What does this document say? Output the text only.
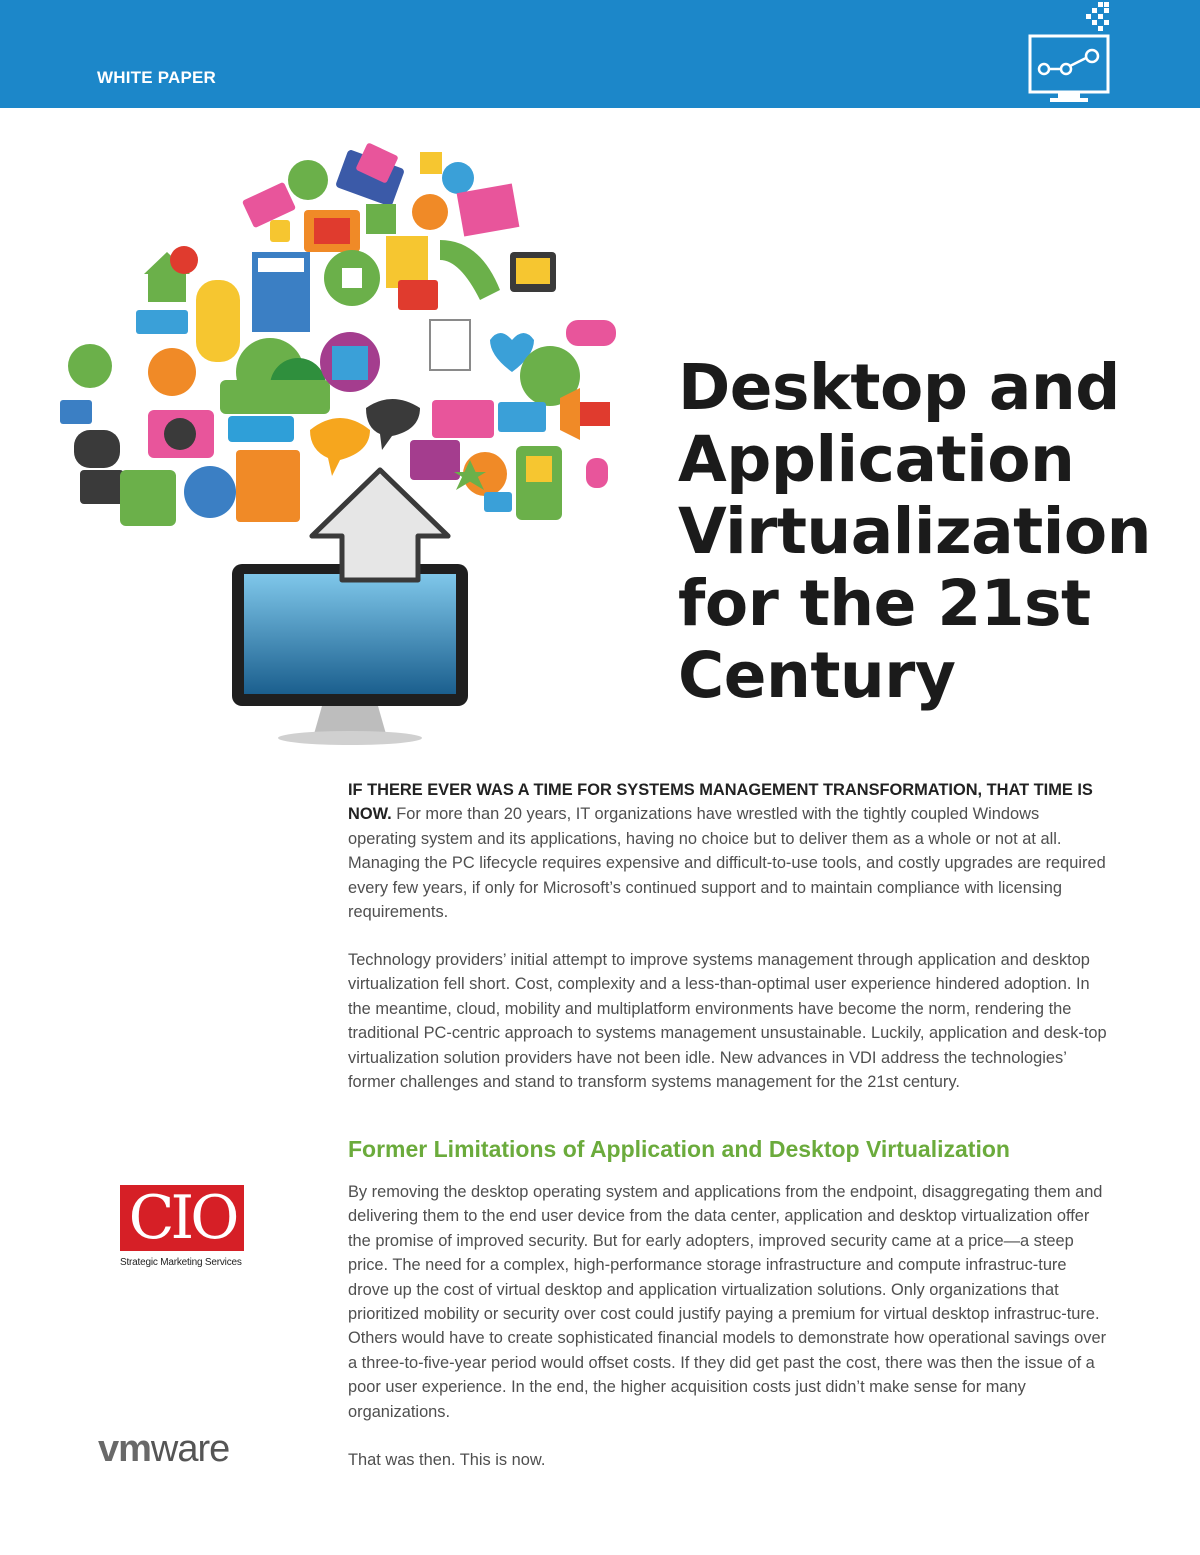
WHITE PAPER
Desktop and Application Virtualization for the 21st Century
IF THERE EVER WAS A TIME FOR SYSTEMS MANAGEMENT TRANSFORMATION, THAT TIME IS NOW. For more than 20 years, IT organizations have wrestled with the tightly coupled Windows operating system and its applications, having no choice but to deliver them as a whole or not at all. Managing the PC lifecycle requires expensive and difficult-to-use tools, and costly upgrades are required every few years, if only for Microsoft’s continued support and to maintain compliance with licensing requirements.
Technology providers’ initial attempt to improve systems management through application and desktop virtualization fell short. Cost, complexity and a less-than-optimal user experience hindered adoption. In the meantime, cloud, mobility and multiplatform environments have become the norm, rendering the traditional PC-centric approach to systems management unsustainable. Luckily, application and desk-top virtualization solution providers have not been idle. New advances in VDI address the technologies’ former challenges and stand to transform systems management for the 21st century.
Former Limitations of Application and Desktop Virtualization
By removing the desktop operating system and applications from the endpoint, disaggregating them and delivering them to the end user device from the data center, application and desktop virtualization offer the promise of improved security. But for early adopters, improved security came at a price—a steep price. The need for a complex, high-performance storage infrastructure and compute infrastruc-ture drove up the cost of virtual desktop and application virtualization solutions. Only organizations that prioritized mobility or security over cost could justify paying a premium for virtual desktop infrastruc-ture. Others would have to create sophisticated financial models to demonstrate how operational savings over a three-to-five-year period would offset costs. If they did get past the cost, there was then the issue of a poor user experience. In the end, the higher acquisition costs just didn’t make sense for many organizations.
That was then. This is now.
CIO
Strategic Marketing Services
vmware
